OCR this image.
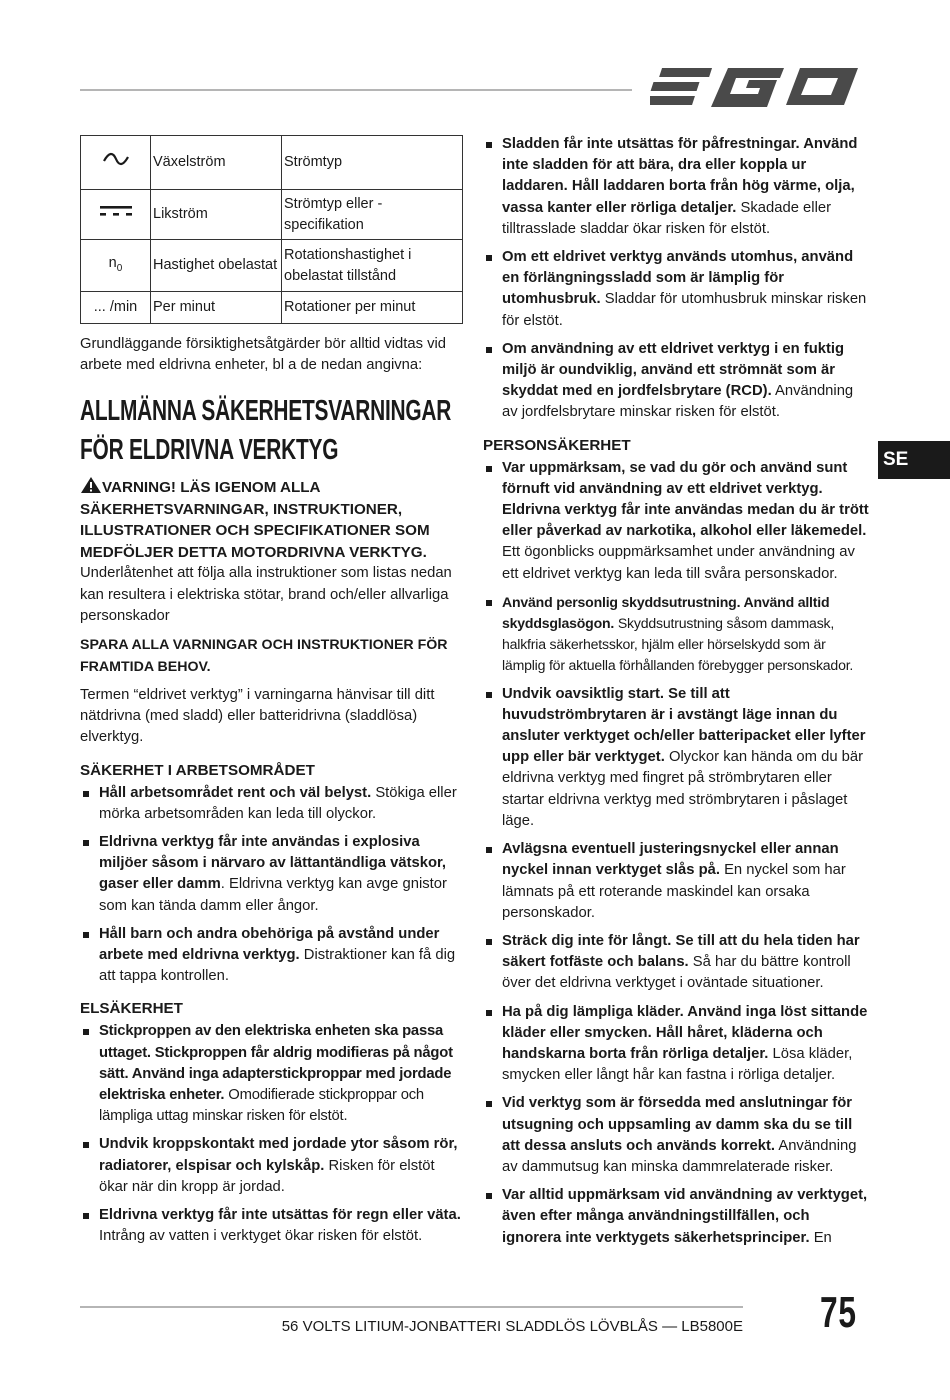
	Växelström	Strömtyp
	Likström	Strömtyp eller -specifikation
$n_0$	Hastighet obelastat	Rotationshastighet i obelastat tillstånd
... /min	Per minut	Rotationer per minut

Grundläggande försiktighetsåtgärder bör alltid vidtas vid arbete med eldrivna enheter, bl a de nedan angivna:

ALLMÄNNA SÄKERHETSVARNINGAR FÖR ELDRIVNA VERKTYG
VARNING! LÄS IGENOM ALLA SÄKERHETSVARNINGAR, INSTRUKTIONER, ILLUSTRATIONER OCH SPECIFIKATIONER SOM MEDFÖLJER DETTA MOTORDRIVNA VERKTYG.

Underlåtenhet att följa alla instruktioner som listas nedan kan resultera i elektriska stötar, brand och/eller allvarliga personskador

SPARA ALLA VARNINGAR OCH INSTRUKTIONER FÖR FRAMTIDA BEHOV.

Termen “eldrivet verktyg” i varningarna hänvisar till ditt nätdrivna (med sladd) eller batteridrivna (sladdlösa) elverktyg.

SÄKERHET I ARBETSOMRÅDET
Håll arbetsområdet rent och väl belyst. Stökiga eller mörka arbetsområden kan leda till olyckor.
Eldrivna verktyg får inte användas i explosiva miljöer såsom i närvaro av lättantändliga vätskor, gaser eller damm. Eldrivna verktyg kan avge gnistor som kan tända damm eller ångor.
Håll barn och andra obehöriga på avstånd under arbete med eldrivna verktyg. Distraktioner kan få dig att tappa kontrollen.
ELSÄKERHET
Stickproppen av den elektriska enheten ska passa uttaget. Stickproppen får aldrig modifieras på något sätt. Använd inga adapterstickproppar med jordade elektriska enheter. Omodifierade stickproppar och lämpliga uttag minskar risken för elstöt.
Undvik kroppskontakt med jordade ytor såsom rör, radiatorer, elspisar och kylskåp. Risken för elstöt ökar när din kropp är jordad.
Eldrivna verktyg får inte utsättas för regn eller väta. Intrång av vatten i verktyget ökar risken för elstöt.
Sladden får inte utsättas för påfrestningar. Använd inte sladden för att bära, dra eller koppla ur laddaren. Håll laddaren borta från hög värme, olja, vassa kanter eller rörliga detaljer. Skadade eller tilltrasslade sladdar ökar risken för elstöt.
Om ett eldrivet verktyg används utomhus, använd en förlängningssladd som är lämplig för utomhusbruk. Sladdar för utomhusbruk minskar risken för elstöt.
Om användning av ett eldrivet verktyg i en fuktig miljö är oundviklig, använd ett strömnät som är skyddat med en jordfelsbrytare (RCD). Användning av jordfelsbrytare minskar risken för elstöt.
PERSONSÄKERHET
Var uppmärksam, se vad du gör och använd sunt förnuft vid användning av ett eldrivet verktyg. Eldrivna verktyg får inte användas medan du är trött eller påverkad av narkotika, alkohol eller läkemedel. Ett ögonblicks ouppmärksamhet under användning av ett eldrivet verktyg kan leda till svåra personskador.
Använd personlig skyddsutrustning. Använd alltid skyddsglasögon. Skyddsutrustning såsom dammask, halkfria säkerhetsskor, hjälm eller hörselskydd som är lämplig för aktuella förhållanden förebygger personskador.
Undvik oavsiktlig start. Se till att huvudströmbrytaren är i avstängt läge innan du ansluter verktyget och/eller batteripacket eller lyfter upp eller bär verktyget. Olyckor kan hända om du bär eldrivna verktyg med fingret på strömbrytaren eller startar eldrivna verktyg med strömbrytaren i påslaget läge.
Avlägsna eventuell justeringsnyckel eller annan nyckel innan verktyget slås på. En nyckel som har lämnats på ett roterande maskindel kan orsaka personskador.
Sträck dig inte för långt. Se till att du hela tiden har säkert fotfäste och balans. Så har du bättre kontroll över det eldrivna verktyget i oväntade situationer.
Ha på dig lämpliga kläder. Använd inga löst sittande kläder eller smycken. Håll håret, kläderna och handskarna borta från rörliga detaljer. Lösa kläder, smycken eller långt hår kan fastna i rörliga detaljer.
Vid verktyg som är försedda med anslutningar för utsugning och uppsamling av damm ska du se till att dessa ansluts och används korrekt. Användning av dammutsug kan minska dammrelaterade risker.
Var alltid uppmärksam vid användning av verktyget, även efter många användningstillfällen, och ignorera inte verktygets säkerhetsprinciper. En
SE
56 VOLTS LITIUM-JONBATTERI SLADDLÖS LÖVBLÅS — LB5800E 75
